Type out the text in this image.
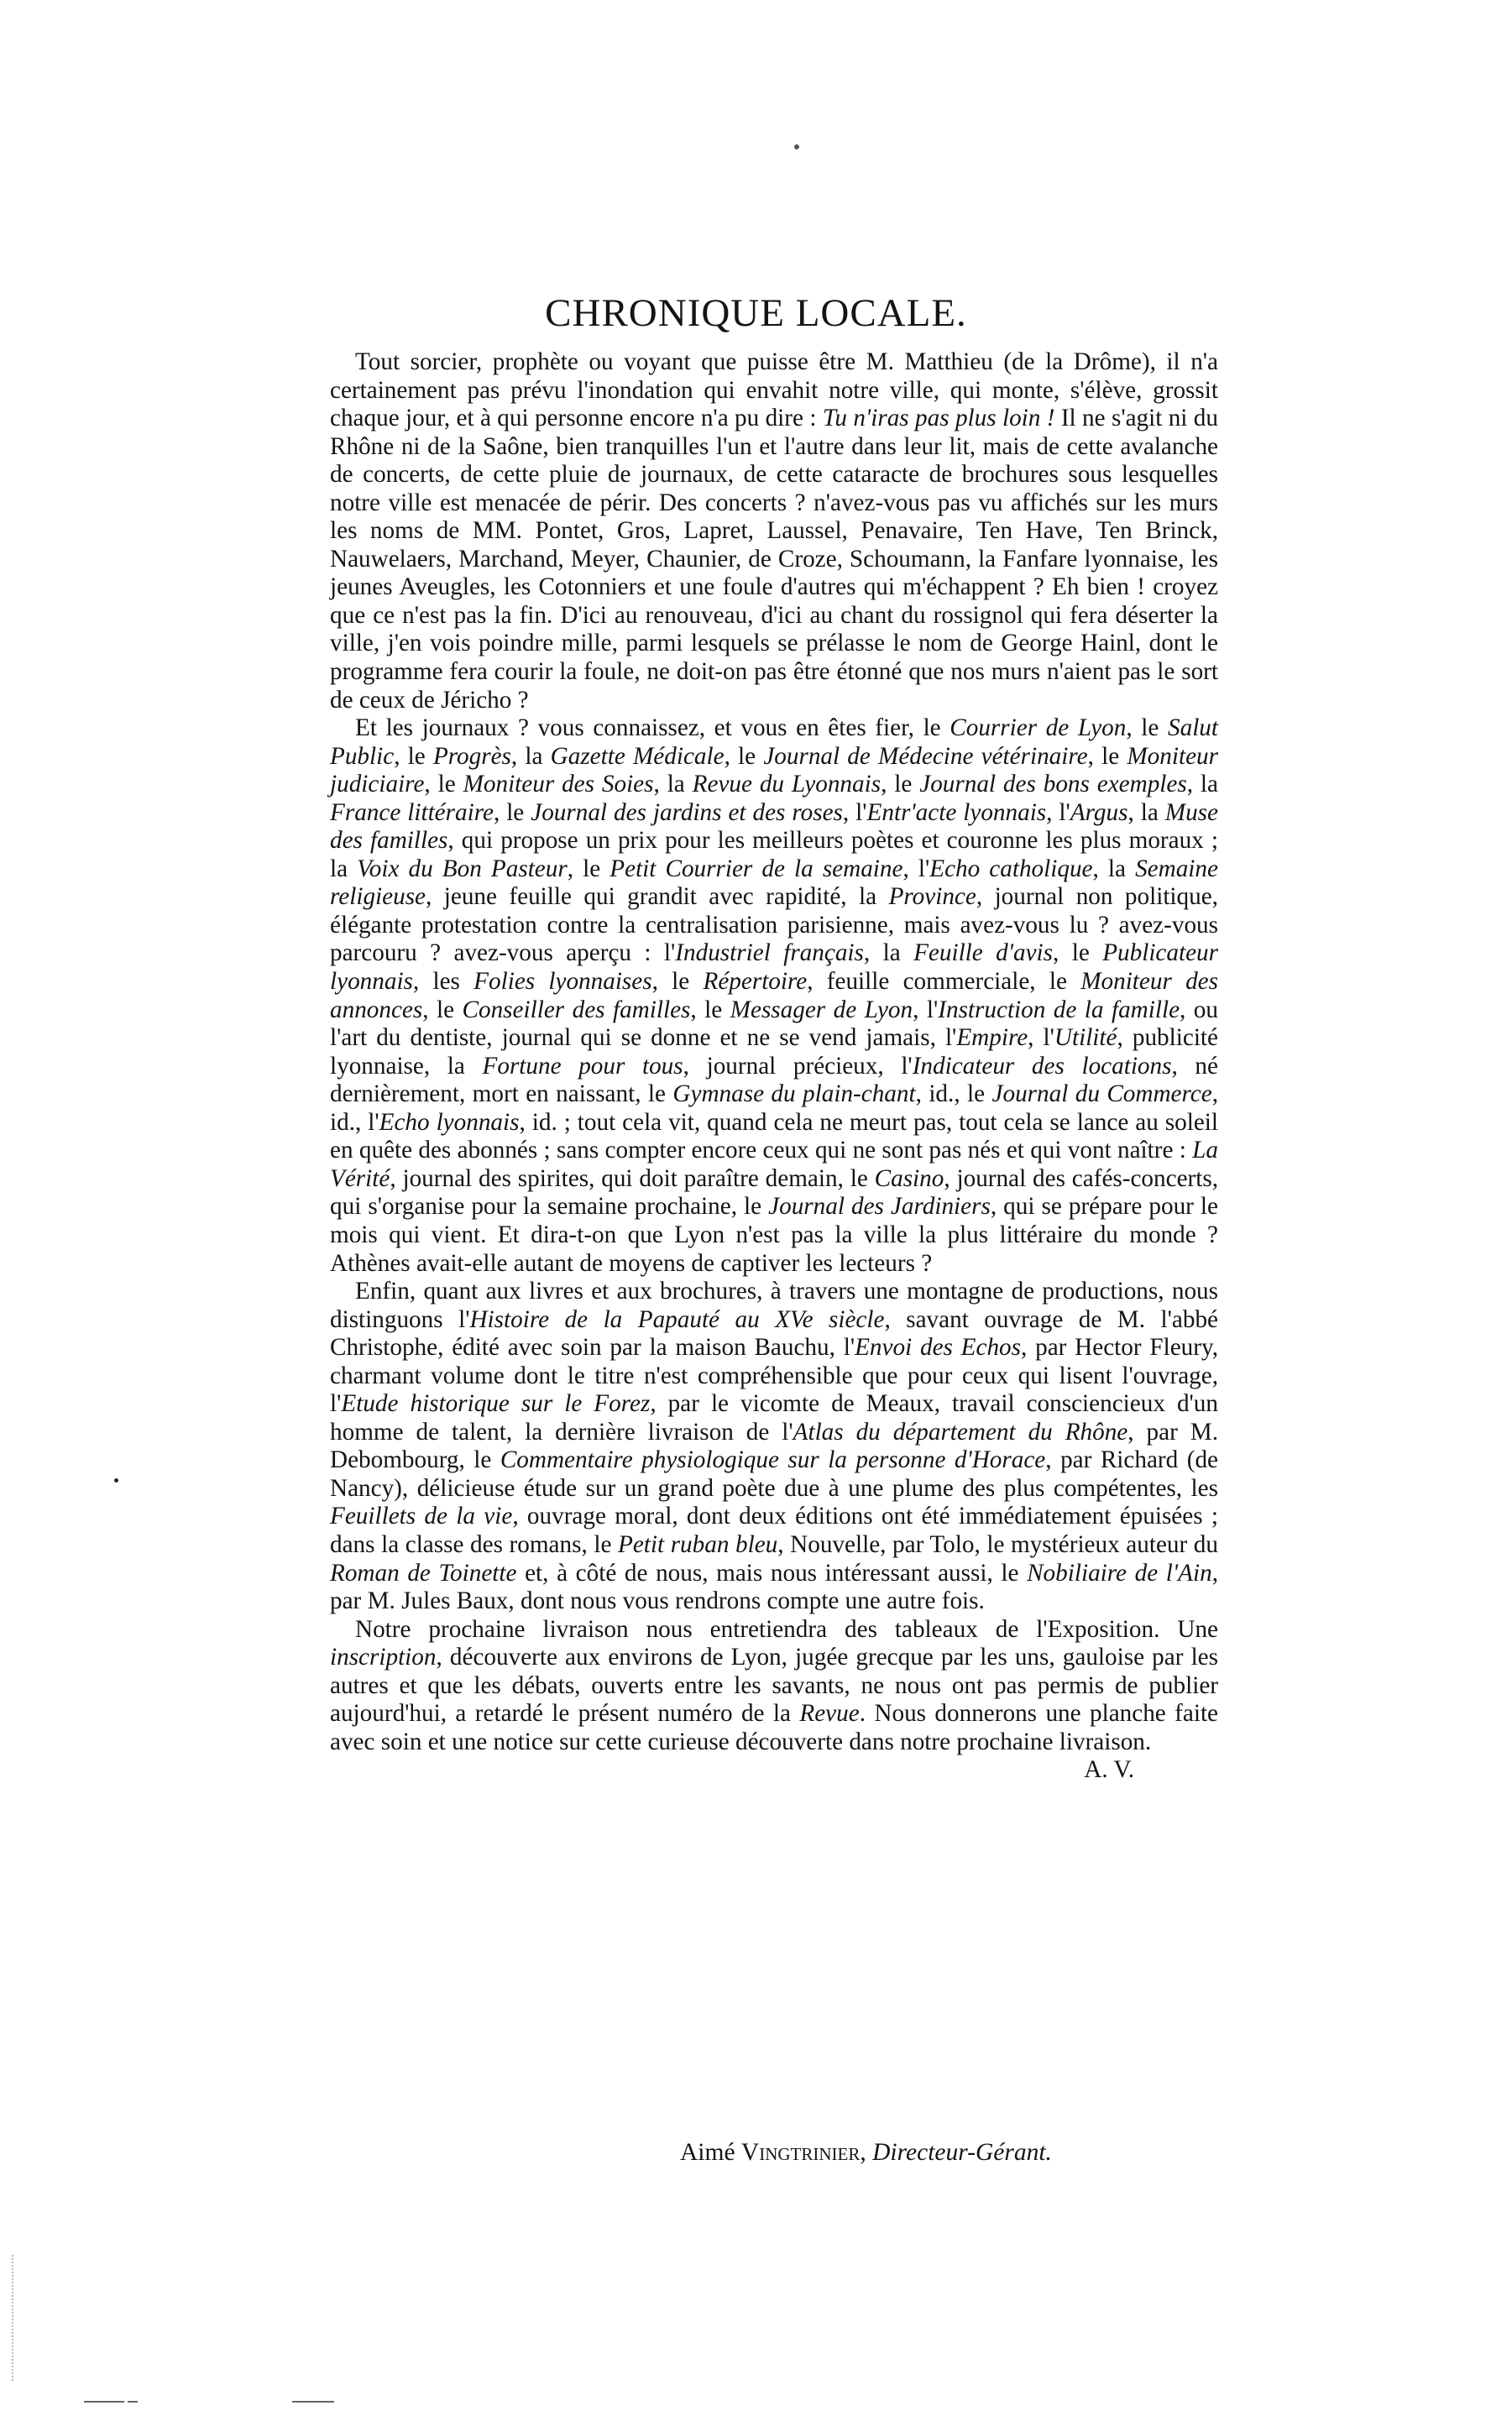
CHRONIQUE LOCALE.

Tout sorcier, prophète ou voyant que puisse être M. Matthieu (de la Drôme), il n'a certainement pas prévu l'inondation qui envahit notre ville, qui monte, s'élève, grossit chaque jour, et à qui personne encore n'a pu dire : Tu n'iras pas plus loin ! Il ne s'agit ni du Rhône ni de la Saône, bien tranquilles l'un et l'autre dans leur lit, mais de cette avalanche de concerts, de cette pluie de journaux, de cette cataracte de brochures sous lesquelles notre ville est menacée de périr. Des concerts ? n'avez-vous pas vu affichés sur les murs les noms de MM. Pontet, Gros, Lapret, Laussel, Penavaire, Ten Have, Ten Brinck, Nauwelaers, Marchand, Meyer, Chaunier, de Croze, Schoumann, la Fanfare lyonnaise, les jeunes Aveugles, les Cotonniers et une foule d'autres qui m'échappent ? Eh bien ! croyez que ce n'est pas la fin. D'ici au renouveau, d'ici au chant du rossignol qui fera déserter la ville, j'en vois poindre mille, parmi lesquels se prélasse le nom de George Hainl, dont le programme fera courir la foule, ne doit-on pas être étonné que nos murs n'aient pas le sort de ceux de Jéricho ?

Et les journaux ? vous connaissez, et vous en êtes fier, le Courrier de Lyon, le Salut Public, le Progrès, la Gazette Médicale, le Journal de Médecine vétérinaire, le Moniteur judiciaire, le Moniteur des Soies, la Revue du Lyonnais, le Journal des bons exemples, la France littéraire, le Journal des jardins et des roses, l'Entr'acte lyonnais, l'Argus, la Muse des familles, qui propose un prix pour les meilleurs poètes et couronne les plus moraux ; la Voix du Bon Pasteur, le Petit Courrier de la semaine, l'Echo catholique, la Semaine religieuse, jeune feuille qui grandit avec rapidité, la Province, journal non politique, élégante protestation contre la centralisation parisienne, mais avez-vous lu ? avez-vous parcouru ? avez-vous aperçu : l'Industriel français, la Feuille d'avis, le Publicateur lyonnais, les Folies lyonnaises, le Répertoire, feuille commerciale, le Moniteur des annonces, le Conseiller des familles, le Messager de Lyon, l'Instruction de la famille, ou l'art du dentiste, journal qui se donne et ne se vend jamais, l'Empire, l'Utilité, publicité lyonnaise, la Fortune pour tous, journal précieux, l'Indicateur des locations, né dernièrement, mort en naissant, le Gymnase du plain-chant, id., le Journal du Commerce, id., l'Echo lyonnais, id. ; tout cela vit, quand cela ne meurt pas, tout cela se lance au soleil en quête des abonnés ; sans compter encore ceux qui ne sont pas nés et qui vont naître : La Vérité, journal des spirites, qui doit paraître demain, le Casino, journal des cafés-concerts, qui s'organise pour la semaine prochaine, le Journal des Jardiniers, qui se prépare pour le mois qui vient. Et dira-t-on que Lyon n'est pas la ville la plus littéraire du monde ? Athènes avait-elle autant de moyens de captiver les lecteurs ?

Enfin, quant aux livres et aux brochures, à travers une montagne de productions, nous distinguons l'Histoire de la Papauté au XVe siècle, savant ouvrage de M. l'abbé Christophe, édité avec soin par la maison Bauchu, l'Envoi des Echos, par Hector Fleury, charmant volume dont le titre n'est compréhensible que pour ceux qui lisent l'ouvrage, l'Etude historique sur le Forez, par le vicomte de Meaux, travail consciencieux d'un homme de talent, la dernière livraison de l'Atlas du département du Rhône, par M. Debombourg, le Commentaire physiologique sur la personne d'Horace, par Richard (de Nancy), délicieuse étude sur un grand poète due à une plume des plus compétentes, les Feuillets de la vie, ouvrage moral, dont deux éditions ont été immédiatement épuisées ; dans la classe des romans, le Petit ruban bleu, Nouvelle, par Tolo, le mystérieux auteur du Roman de Toinette et, à côté de nous, mais nous intéressant aussi, le Nobiliaire de l'Ain, par M. Jules Baux, dont nous vous rendrons compte une autre fois.

Notre prochaine livraison nous entretiendra des tableaux de l'Exposition. Une inscription, découverte aux environs de Lyon, jugée grecque par les uns, gauloise par les autres et que les débats, ouverts entre les savants, ne nous ont pas permis de publier aujourd'hui, a retardé le présent numéro de la Revue. Nous donnerons une planche faite avec soin et une notice sur cette curieuse découverte dans notre prochaine livraison.
A. V.

Aimé Vingtrinier, Directeur-Gérant.
